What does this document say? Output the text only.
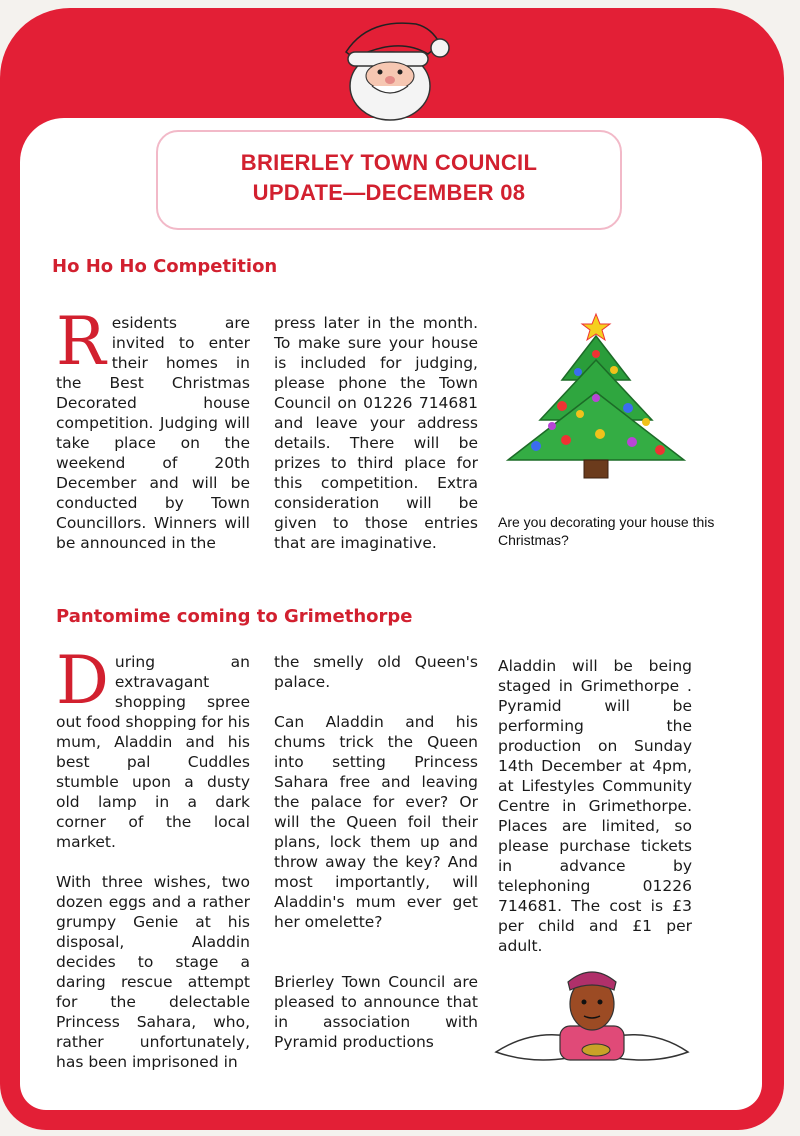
BRIERLEY TOWN COUNCIL
UPDATE—DECEMBER 08
Ho Ho Ho Competition
R esidents are invited to enter their homes in the Best Christmas Decorated house competition. Judging will take place on the weekend of 20th December and will be conducted by Town Councillors. Winners will be announced in the
press later in the month. To make sure your house is included for judging, please phone the Town Council on 01226 714681 and leave your address details. There will be prizes to third place for this competition. Extra consideration will be given to those entries that are imaginative.
Are you decorating your house this Christmas?
Pantomime coming to Grimethorpe

During an extravagant shopping spree out food shopping for his mum, Aladdin and his best pal Cuddles stumble upon a dusty old lamp in a dark corner of the local market.

With three wishes, two dozen eggs and a rather grumpy Genie at his disposal, Aladdin decides to stage a daring rescue attempt for the delectable Princess Sahara, who, rather unfortunately, has been imprisoned in

the smelly old Queen's palace.

Can Aladdin and his chums trick the Queen into setting Princess Sahara free and leaving the palace for ever? Or will the Queen foil their plans, lock them up and throw away the key? And most importantly, will Aladdin's mum ever get her omelette?

Brierley Town Council are pleased to announce that in association with Pyramid productions

Aladdin will be being staged in Grimethorpe . Pyramid will be performing the production on Sunday 14th December at 4pm, at Lifestyles Community Centre in Grimethorpe. Places are limited, so please purchase tickets in advance by telephoning 01226 714681. The cost is £3 per child and £1 per adult.
